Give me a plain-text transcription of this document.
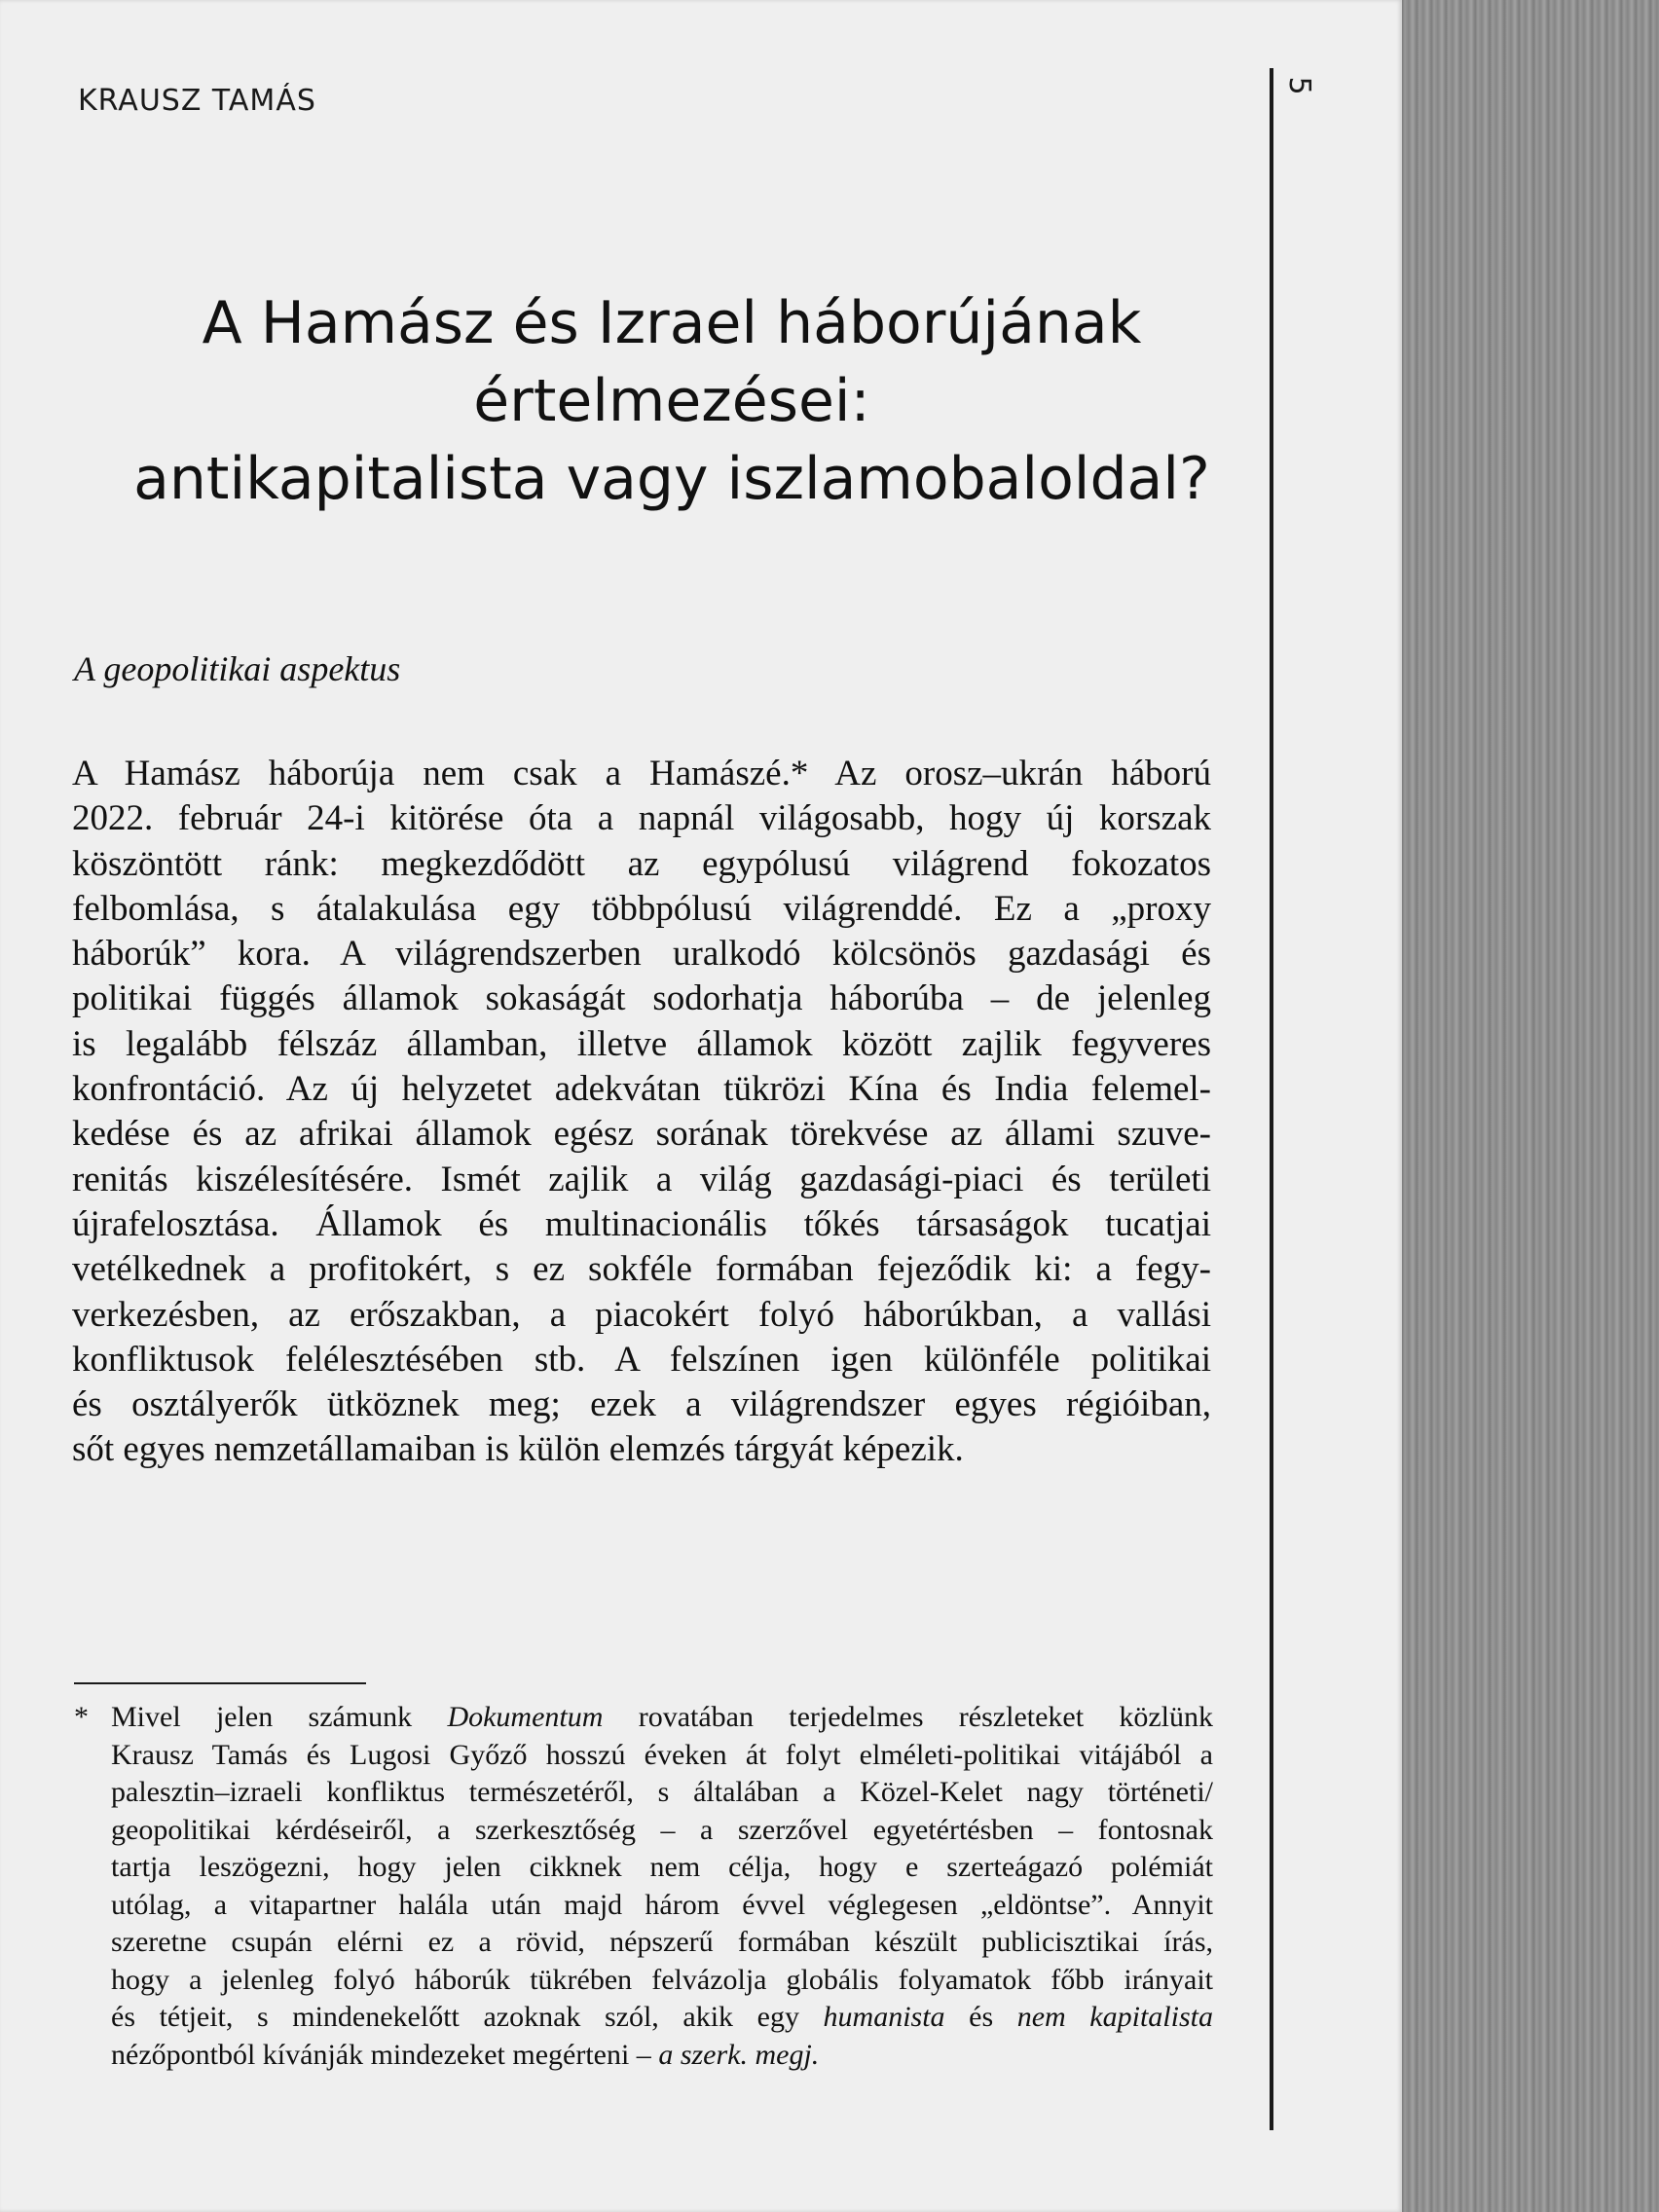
KRAUSZ TAMÁS	5
A Hamász és Izrael háborújának
értelmezései:
antikapitalista vagy iszlamobaloldal?
A geopolitikai aspektus
A Hamász háborúja nem csak a Hamászé.* Az orosz–ukrán háború
2022. február 24-i kitörése óta a napnál világosabb, hogy új korszak
köszöntött ránk: megkezdődött az egypólusú világrend fokozatos
felbomlása, s átalakulása egy többpólusú világrenddé. Ez a „proxy
háborúk” kora. A világrendszerben uralkodó kölcsönös gazdasági és
politikai függés államok sokaságát sodorhatja háborúba – de jelenleg
is legalább félszáz államban, illetve államok között zajlik fegyveres
konfrontáció. Az új helyzetet adekvátan tükrözi Kína és India felemel-
kedése és az afrikai államok egész sorának törekvése az állami szuve-
renitás kiszélesítésére. Ismét zajlik a világ gazdasági-piaci és területi
újrafelosztása. Államok és multinacionális tőkés társaságok tucatjai
vetélkednek a profitokért, s ez sokféle formában fejeződik ki: a fegy-
verkezésben, az erőszakban, a piacokért folyó háborúkban, a vallási
konfliktusok felélesztésében stb. A felszínen igen különféle politikai
és osztályerők ütköznek meg; ezek a világrendszer egyes régióiban,
sőt egyes nemzetállamaiban is külön elemzés tárgyát képezik.
* Mivel jelen számunk Dokumentum rovatában terjedelmes részleteket közlünk
Krausz Tamás és Lugosi Győző hosszú éveken át folyt elméleti-politikai vitájából a
palesztin–izraeli konfliktus természetéről, s általában a Közel-Kelet nagy történeti/
geopolitikai kérdéseiről, a szerkesztőség – a szerzővel egyetértésben – fontosnak
tartja leszögezni, hogy jelen cikknek nem célja, hogy e szerteágazó polémiát
utólag, a vitapartner halála után majd három évvel véglegesen „eldöntse”. Annyit
szeretne csupán elérni ez a rövid, népszerű formában készült publicisztikai írás,
hogy a jelenleg folyó háborúk tükrében felvázolja globális folyamatok főbb irányait
és tétjeit, s mindenekelőtt azoknak szól, akik egy humanista és nem kapitalista
nézőpontból kívánják mindezeket megérteni – a szerk. megj.
